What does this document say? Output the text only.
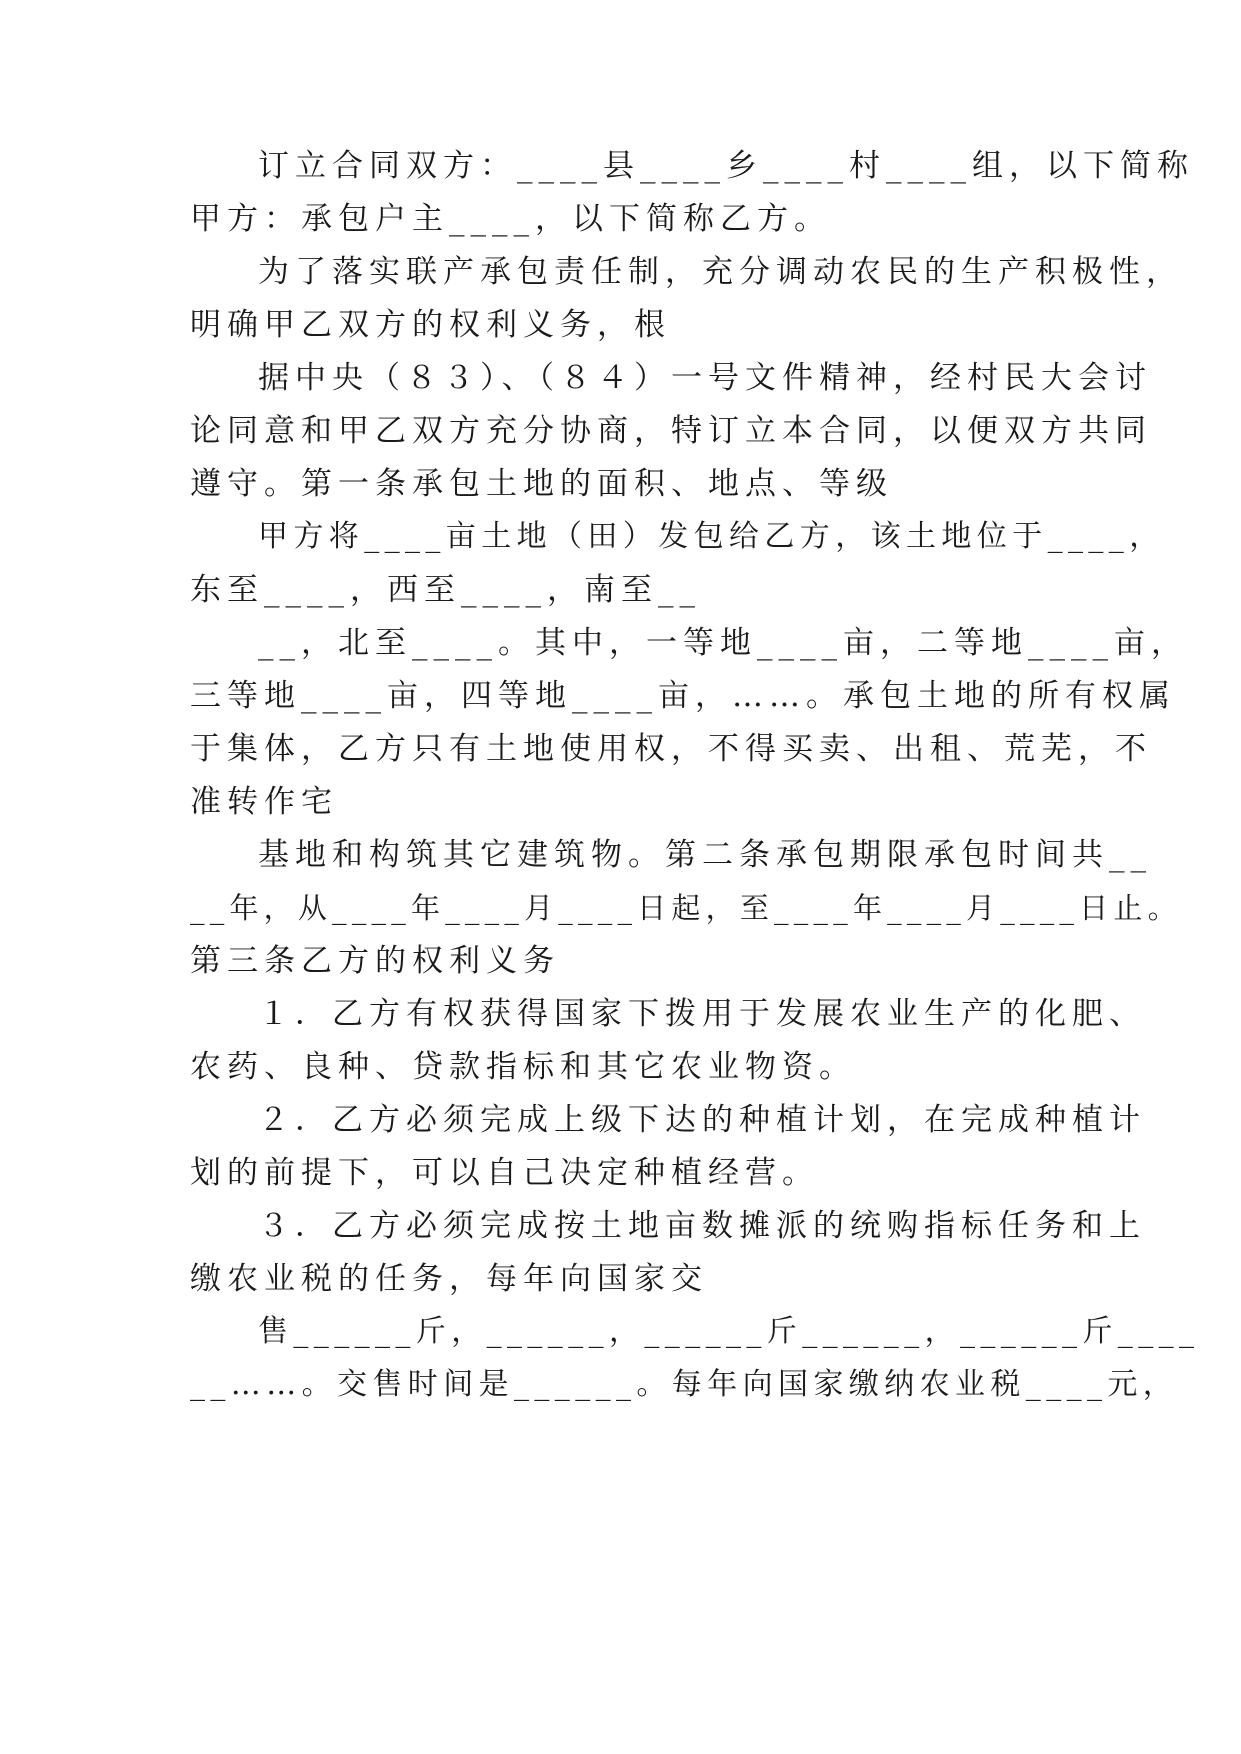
订立合同双方：____县____乡____村____组，以下简称
甲方：承包户主____，以下简称乙方。
为了落实联产承包责任制，充分调动农民的生产积极性，
明确甲乙双方的权利义务，根
据中央（８３）、（８４）一号文件精神，经村民大会讨
论同意和甲乙双方充分协商，特订立本合同，以便双方共同
遵守。第一条承包土地的面积、地点、等级
甲方将____亩土地（田）发包给乙方，该土地位于____，
东至____，西至____，南至__
__，北至____。其中，一等地____亩，二等地____亩，
三等地____亩，四等地____亩，……。承包土地的所有权属
于集体，乙方只有土地使用权，不得买卖、出租、荒芜，不
准转作宅
基地和构筑其它建筑物。第二条承包期限承包时间共__
__年，从____年____月____日起，至____年____月____日止。
第三条乙方的权利义务
１．乙方有权获得国家下拨用于发展农业生产的化肥、
农药、良种、贷款指标和其它农业物资。
２．乙方必须完成上级下达的种植计划，在完成种植计
划的前提下，可以自己决定种植经营。
３．乙方必须完成按土地亩数摊派的统购指标任务和上
缴农业税的任务，每年向国家交
售______斤，______，______斤______，______斤____
__……。交售时间是______。每年向国家缴纳农业税____元，
